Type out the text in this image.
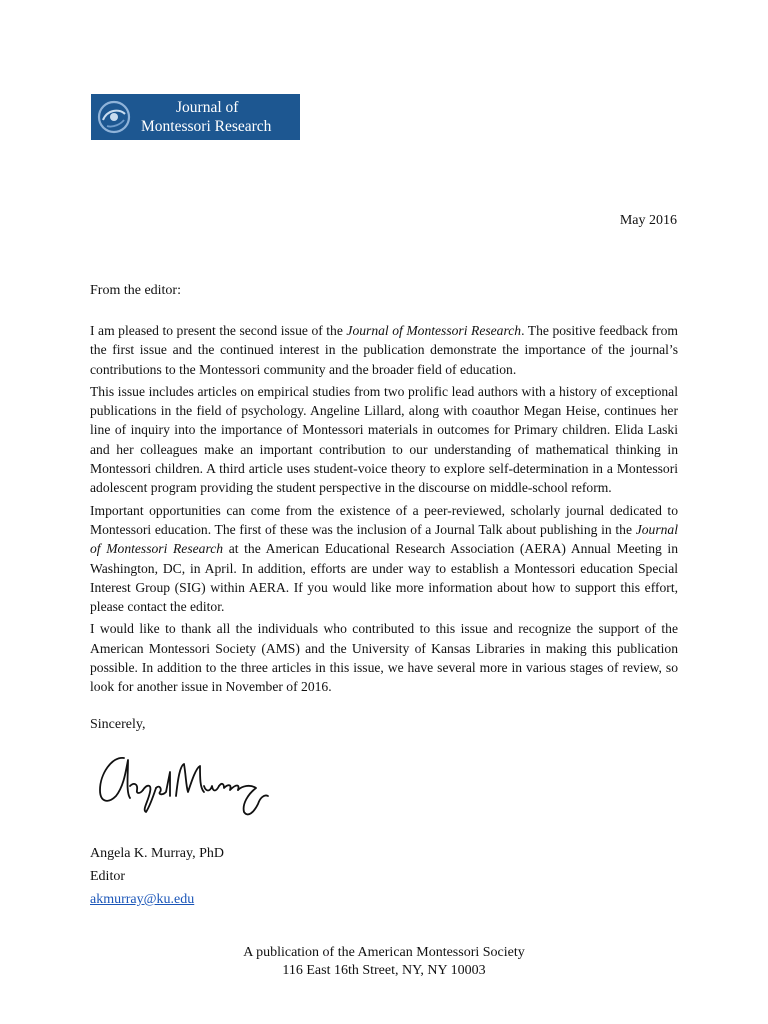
Journal of
Montessori Research
May 2016
From the editor:

I am pleased to present the second issue of the Journal of Montessori Research. The positive feedback from the first issue and the continued interest in the publication demonstrate the importance of the journal’s contributions to the Montessori community and the broader field of education.

This issue includes articles on empirical studies from two prolific lead authors with a history of exceptional publications in the field of psychology. Angeline Lillard, along with coauthor Megan Heise, continues her line of inquiry into the importance of Montessori materials in outcomes for Primary children. Elida Laski and her colleagues make an important contribution to our understanding of mathematical thinking in Montessori children. A third article uses student-voice theory to explore self-determination in a Montessori adolescent program providing the student perspective in the discourse on middle-school reform.

Important opportunities can come from the existence of a peer-reviewed, scholarly journal dedicated to Montessori education. The first of these was the inclusion of a Journal Talk about publishing in the Journal of Montessori Research at the American Educational Research Association (AERA) Annual Meeting in Washington, DC, in April. In addition, efforts are under way to establish a Montessori education Special Interest Group (SIG) within AERA. If you would like more information about how to support this effort, please contact the editor.

I would like to thank all the individuals who contributed to this issue and recognize the support of the American Montessori Society (AMS) and the University of Kansas Libraries in making this publication possible. In addition to the three articles in this issue, we have several more in various stages of review, so look for another issue in November of 2016.

Sincerely,
Angela K. Murray, PhD
Editor
akmurray@ku.edu
A publication of the American Montessori Society
116 East 16th Street, NY, NY 10003
